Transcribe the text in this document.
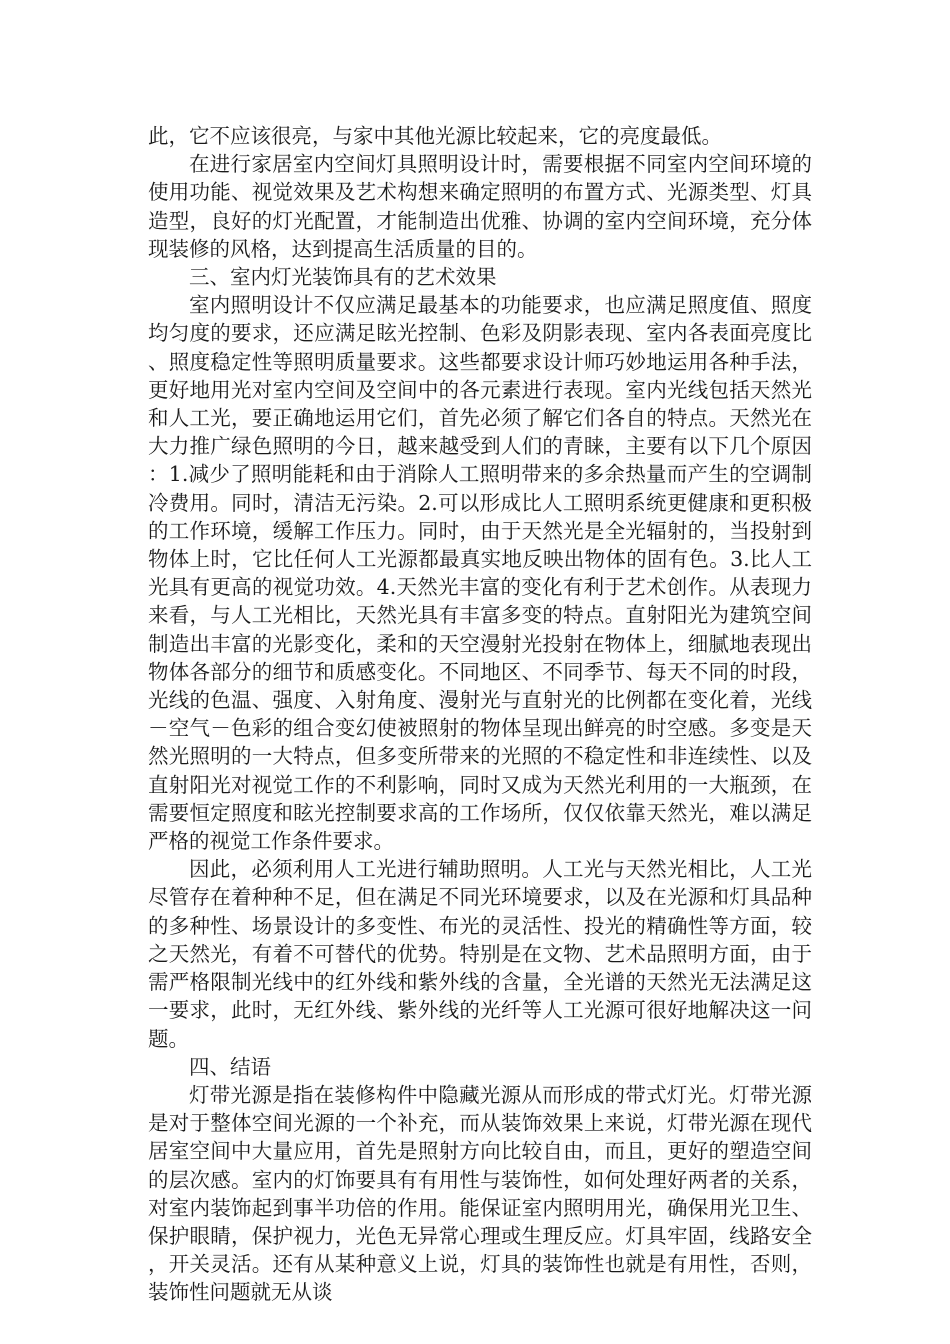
此，它不应该很亮，与家中其他光源比较起来，它的亮度最低。

在进行家居室内空间灯具照明设计时，需要根据不同室内空间环境的使用功能、视觉效果及艺术构想来确定照明的布置方式、光源类型、灯具造型，良好的灯光配置，才能制造出优雅、协调的室内空间环境，充分体现装修的风格，达到提高生活质量的目的。

三、室内灯光装饰具有的艺术效果

室内照明设计不仅应满足最基本的功能要求，也应满足照度值、照度均匀度的要求，还应满足眩光控制、色彩及阴影表现、室内各表面亮度比、照度稳定性等照明质量要求。这些都要求设计师巧妙地运用各种手法，更好地用光对室内空间及空间中的各元素进行表现。室内光线包括天然光和人工光，要正确地运用它们，首先必须了解它们各自的特点。天然光在大力推广绿色照明的今日，越来越受到人们的青睐，主要有以下几个原因：1.减少了照明能耗和由于消除人工照明带来的多余热量而产生的空调制冷费用。同时，清洁无污染。2.可以形成比人工照明系统更健康和更积极的工作环境，缓解工作压力。同时，由于天然光是全光辐射的，当投射到物体上时，它比任何人工光源都最真实地反映出物体的固有色。3.比人工光具有更高的视觉功效。4.天然光丰富的变化有利于艺术创作。从表现力来看，与人工光相比，天然光具有丰富多变的特点。直射阳光为建筑空间制造出丰富的光影变化，柔和的天空漫射光投射在物体上，细腻地表现出物体各部分的细节和质感变化。不同地区、不同季节、每天不同的时段，光线的色温、强度、入射角度、漫射光与直射光的比例都在变化着，光线－空气－色彩的组合变幻使被照射的物体呈现出鲜亮的时空感。多变是天然光照明的一大特点，但多变所带来的光照的不稳定性和非连续性、以及直射阳光对视觉工作的不利影响，同时又成为天然光利用的一大瓶颈，在需要恒定照度和眩光控制要求高的工作场所，仅仅依靠天然光，难以满足严格的视觉工作条件要求。

因此，必须利用人工光进行辅助照明。人工光与天然光相比，人工光尽管存在着种种不足，但在满足不同光环境要求，以及在光源和灯具品种的多种性、场景设计的多变性、布光的灵活性、投光的精确性等方面，较之天然光，有着不可替代的优势。特别是在文物、艺术品照明方面，由于需严格限制光线中的红外线和紫外线的含量，全光谱的天然光无法满足这一要求，此时，无红外线、紫外线的光纤等人工光源可很好地解决这一问题。

四、结语

灯带光源是指在装修构件中隐藏光源从而形成的带式灯光。灯带光源是对于整体空间光源的一个补充，而从装饰效果上来说，灯带光源在现代居室空间中大量应用，首先是照射方向比较自由，而且，更好的塑造空间的层次感。室内的灯饰要具有有用性与装饰性，如何处理好两者的关系，对室内装饰起到事半功倍的作用。能保证室内照明用光，确保用光卫生、保护眼睛，保护视力，光色无异常心理或生理反应。灯具牢固，线路安全，开关灵活。还有从某种意义上说，灯具的装饰性也就是有用性，否则，装饰性问题就无从谈
